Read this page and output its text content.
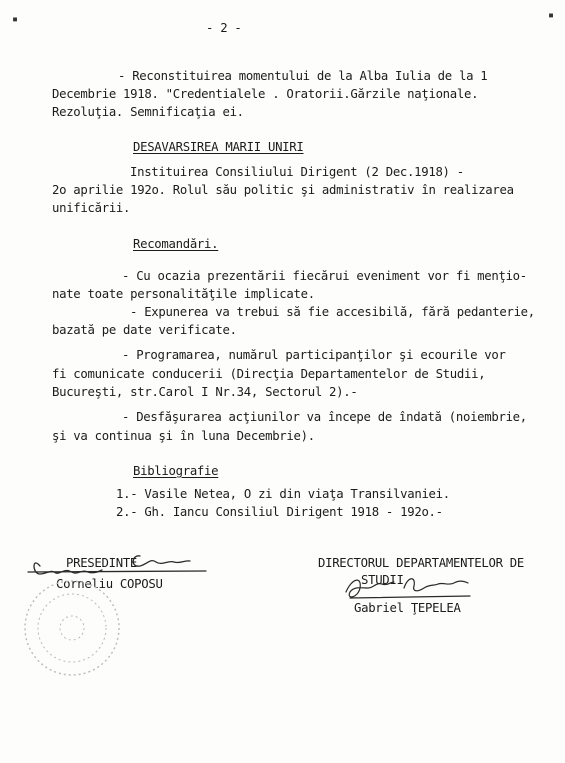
▪	▪

- 2 -

- Reconstituirea momentului de la Alba Iulia de la 1

Decembrie 1918. "Credentialele . Oratorii.Gărzile naţionale.

Rezoluţia. Semnificaţia ei.

DESAVARSIREA MARII UNIRI

Instituirea Consiliului Dirigent (2 Dec.1918) -

2o aprilie 192o. Rolul său politic şi administrativ în realizarea

unificării.

Recomandări.

- Cu ocazia prezentării fiecărui eveniment vor fi menţio-

nate toate personalităţile implicate.

- Expunerea va trebui să fie accesibilă, fără pedanterie,

bazată pe date verificate.

- Programarea, numărul participanţilor şi ecourile vor

fi comunicate conducerii (Direcţia Departamentelor de Studii,

Bucureşti, str.Carol I Nr.34, Sectorul 2).-

- Desfăşurarea acţiunilor va începe de îndată (noiembrie,

şi va continua şi în luna Decembrie).

Bibliografie

1.- Vasile Netea, O zi din viaţa Transilvaniei.

2.- Gh. Iancu Consiliul Dirigent 1918 - 192o.-

PRESEDINTE

Corneliu COPOSU

DIRECTORUL DEPARTAMENTELOR DE

STUDII

Gabriel ŢEPELEA
